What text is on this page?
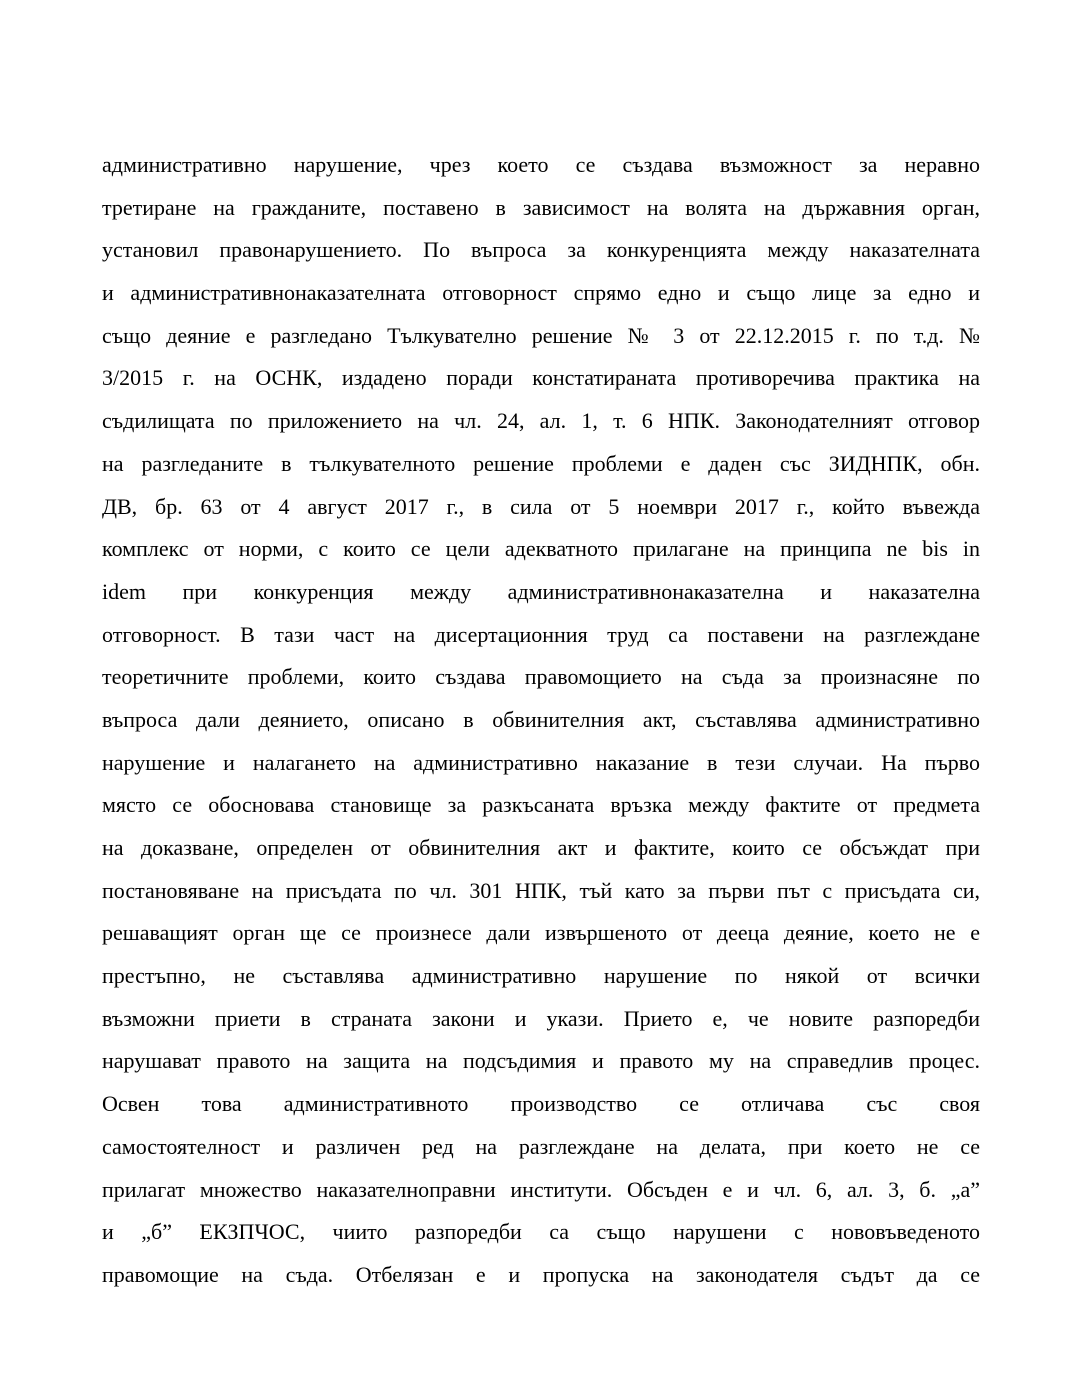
административно нарушение, чрез което се създава възможност за неравно
третиране на гражданите, поставено в зависимост на волята на държавния орган,
установил правонарушението. По въпроса за конкуренцията между наказателната
и административнонаказателната отговорност спрямо едно и също лице за едно и
също деяние е разгледано Тълкувателно решение № 3 от 22.12.2015 г. по т.д. №
3/2015 г. на ОСНК, издадено поради констатираната противоречива практика на
съдилищата по приложението на чл. 24, ал. 1, т. 6 НПК. Законодателният отговор
на разгледаните в тълкувателното решение проблеми е даден със ЗИДНПК, обн.
ДВ, бр. 63 от 4 август 2017 г., в сила от 5 ноември 2017 г., който въвежда
комплекс от норми, с които се цели адекватното прилагане на принципа ne bis in
idem при конкуренция между административнонаказателна и наказателна
отговорност. В тази част на дисертационния труд са поставени на разглеждане
теоретичните проблеми, които създава правомощието на съда за произнасяне по
въпроса дали деянието, описано в обвинителния акт, съставлява административно
нарушение и налагането на административно наказание в тези случаи. На първо
място се обосновава становище за разкъсаната връзка между фактите от предмета
на доказване, определен от обвинителния акт и фактите, които се обсъждат при
постановяване на присъдата по чл. 301 НПК, тъй като за първи път с присъдата си,
решаващият орган ще се произнесе дали извършеното от дееца деяние, което не е
престъпно, не съставлява административно нарушение по някой от всички
възможни приети в страната закони и укази. Прието е, че новите разпоредби
нарушават правото на защита на подсъдимия и правото му на справедлив процес.
Освен това административното производство се отличава със своя
самостоятелност и различен ред на разглеждане на делата, при което не се
прилагат множество наказателноправни институти. Обсъден е и чл. 6, ал. 3, б. „а”
и „б” ЕКЗПЧОС, чиито разпоредби са също нарушени с нововъведеното
правомощие на съда. Отбелязан е и пропуска на законодателя съдът да се
